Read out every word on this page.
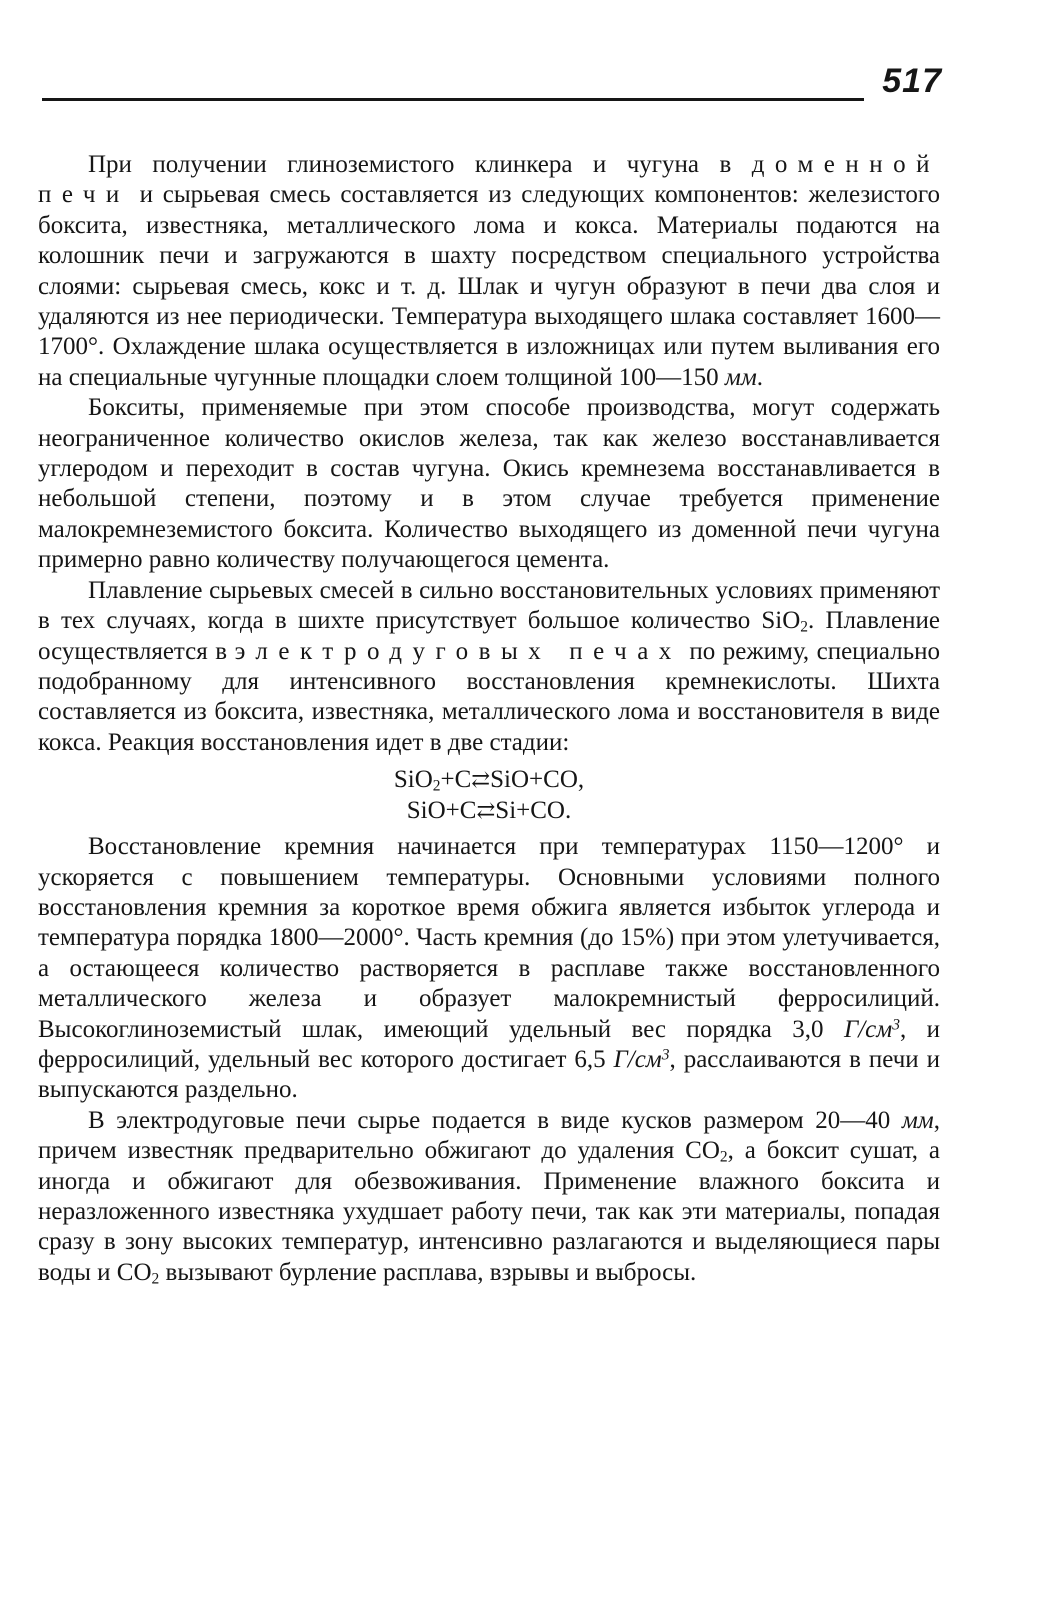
517

При получении глиноземистого клинкера и чугуна в доменной печи и сырьевая смесь составляется из следующих компонентов: железистого боксита, известняка, металлического лома и кокса. Материалы подаются на колошник печи и загружаются в шахту посредством специального устройства слоями: сырьевая смесь, кокс и т. д. Шлак и чугун образуют в печи два слоя и удаляются из нее периодически. Температура выходящего шлака составляет 1600—1700°. Охлаждение шлака осуществляется в изложницах или путем выливания его на специальные чугунные площадки слоем толщиной 100—150 мм.

Бокситы, применяемые при этом способе производства, могут содержать неограниченное количество окислов железа, так как железо восстанавливается углеродом и переходит в состав чугуна. Окись кремнезема восстанавливается в небольшой степени, поэтому и в этом случае требуется применение малокремнеземистого боксита. Количество выходящего из доменной печи чугуна примерно равно количеству получающегося цемента.

Плавление сырьевых смесей в сильно восстановительных условиях применяют в тех случаях, когда в шихте присутствует большое количество SiO$_2$. Плавление осуществляется в электродуговых печах по режиму, специально подобранному для интенсивного восстановления кремнекислоты. Шихта составляется из боксита, известняка, металлического лома и восстановителя в виде кокса. Реакция восстановления идет в две стадии:

SiO$_2$+C⇄SiO+CO,
SiO+C⇄Si+CO.

Восстановление кремния начинается при температурах 1150—1200° и ускоряется с повышением температуры. Основными условиями полного восстановления кремния за короткое время обжига является избыток углерода и температура порядка 1800—2000°. Часть кремния (до 15%) при этом улетучивается, а остающееся количество растворяется в расплаве также восстановленного металлического железа и образует малокремнистый ферросилиций. Высокоглиноземистый шлак, имеющий удельный вес порядка 3,0 $Г/см^3$, и ферросилиций, удельный вес которого достигает 6,5 $Г/см^3$, расслаиваются в печи и выпускаются раздельно.

В электродуговые печи сырье подается в виде кусков размером 20—40 мм, причем известняк предварительно обжигают до удаления $CO_2$, а боксит сушат, а иногда и обжигают для обезвоживания. Применение влажного боксита и неразложенного известняка ухудшает работу печи, так как эти материалы, попадая сразу в зону высоких температур, интенсивно разлагаются и выделяющиеся пары воды и $CO_2$ вызывают бурление расплава, взрывы и выбросы.
